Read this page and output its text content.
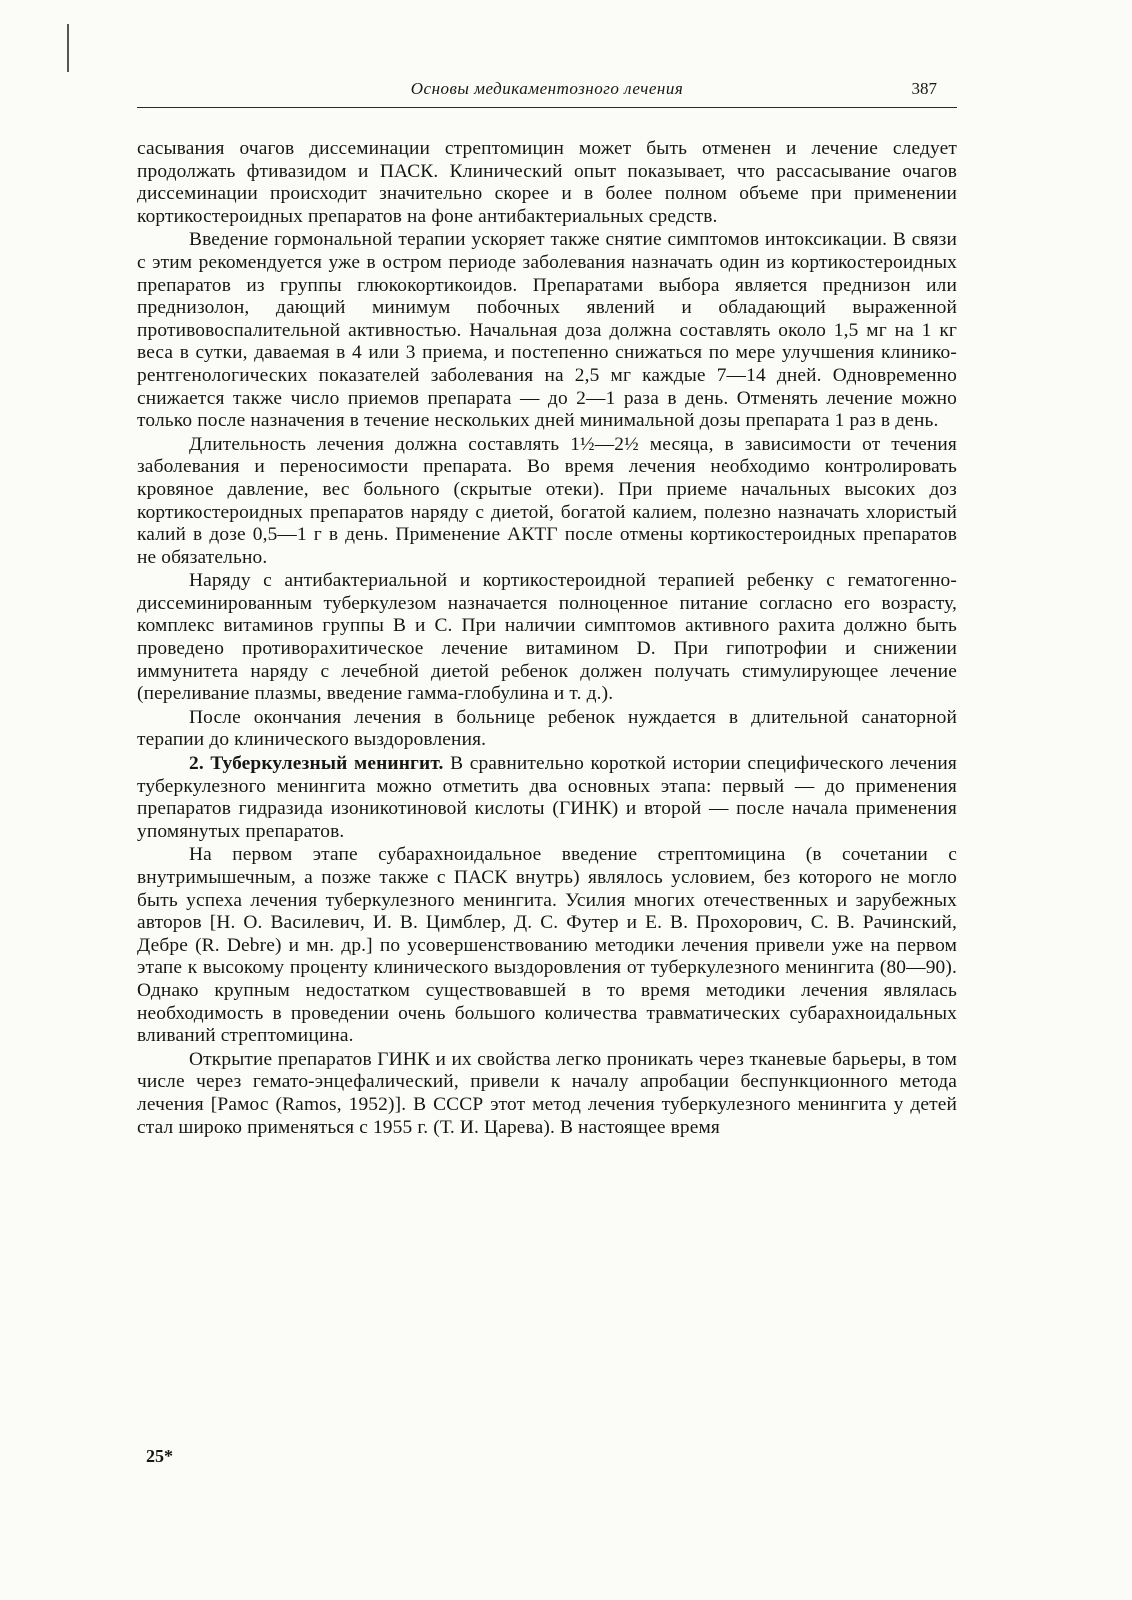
Основы медикаментозного лечения	387

сасывания очагов диссеминации стрептомицин может быть отменен и лечение следует продолжать фтивазидом и ПАСК. Клинический опыт показывает, что рассасывание очагов диссеминации происходит значительно скорее и в более полном объеме при применении кортикостероидных препаратов на фоне антибактериальных средств.

Введение гормональной терапии ускоряет также снятие симптомов интоксикации. В связи с этим рекомендуется уже в остром периоде заболевания назначать один из кортикостероидных препаратов из группы глюкокортикоидов. Препаратами выбора является преднизон или преднизолон, дающий минимум побочных явлений и обладающий выраженной противовоспалительной активностью. Начальная доза должна составлять около 1,5 мг на 1 кг веса в сутки, даваемая в 4 или 3 приема, и постепенно снижаться по мере улучшения клинико-рентгенологических показателей заболевания на 2,5 мг каждые 7—14 дней. Одновременно снижается также число приемов препарата — до 2—1 раза в день. Отменять лечение можно только после назначения в течение нескольких дней минимальной дозы препарата 1 раз в день.

Длительность лечения должна составлять 1½—2½ месяца, в зависимости от течения заболевания и переносимости препарата. Во время лечения необходимо контролировать кровяное давление, вес больного (скрытые отеки). При приеме начальных высоких доз кортикостероидных препаратов наряду с диетой, богатой калием, полезно назначать хлористый калий в дозе 0,5—1 г в день. Применение АКТГ после отмены кортикостероидных препаратов не обязательно.

Наряду с антибактериальной и кортикостероидной терапией ребенку с гематогенно-диссеминированным туберкулезом назначается полноценное питание согласно его возрасту, комплекс витаминов группы В и С. При наличии симптомов активного рахита должно быть проведено противорахитическое лечение витамином D. При гипотрофии и снижении иммунитета наряду с лечебной диетой ребенок должен получать стимулирующее лечение (переливание плазмы, введение гамма-глобулина и т. д.).

После окончания лечения в больнице ребенок нуждается в длительной санаторной терапии до клинического выздоровления.

2. Туберкулезный менингит. В сравнительно короткой истории специфического лечения туберкулезного менингита можно отметить два основных этапа: первый — до применения препаратов гидразида изоникотиновой кислоты (ГИНК) и второй — после начала применения упомянутых препаратов.

На первом этапе субарахноидальное введение стрептомицина (в сочетании с внутримышечным, а позже также с ПАСК внутрь) являлось условием, без которого не могло быть успеха лечения туберкулезного менингита. Усилия многих отечественных и зарубежных авторов [Н. О. Василевич, И. В. Цимблер, Д. С. Футер и Е. В. Прохорович, С. В. Рачинский, Дебре (R. Debre) и мн. др.] по усовершенствованию методики лечения привели уже на первом этапе к высокому проценту клинического выздоровления от туберкулезного менингита (80—90). Однако крупным недостатком существовавшей в то время методики лечения являлась необходимость в проведении очень большого количества травматических субарахноидальных вливаний стрептомицина.

Открытие препаратов ГИНК и их свойства легко проникать через тканевые барьеры, в том числе через гемато-энцефалический, привели к началу апробации беспункционного метода лечения [Рамос (Ramos, 1952)]. В СССР этот метод лечения туберкулезного менингита у детей стал широко применяться с 1955 г. (Т. И. Царева). В настоящее время

25*
